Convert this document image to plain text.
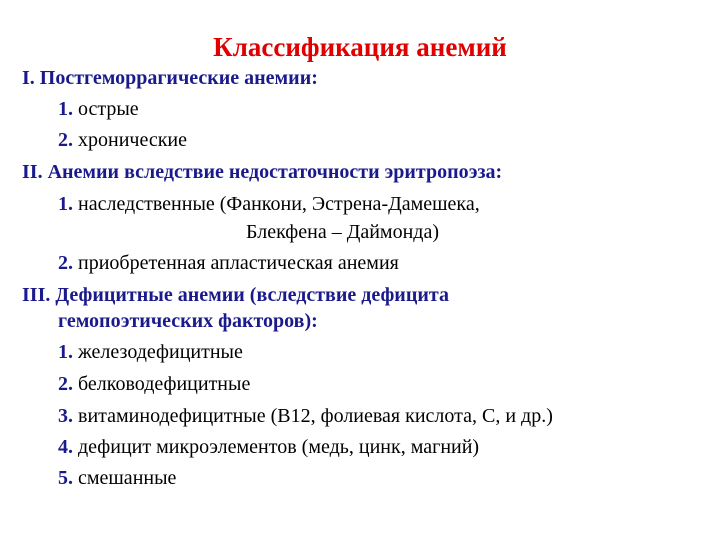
Классификация анемий
I. Постгеморрагические анемии:
1. острые
2. хронические
II. Анемии вследствие недостаточности эритропоэза:
1. наследственные (Фанкони, Эстрена-Дамешека,
Блекфена – Даймонда)
2. приобретенная апластическая анемия
III. Дефицитные анемии (вследствие дефицита
гемопоэтических факторов):
1. железодефицитные
2. белководефицитные
3. витаминодефицитные (В12, фолиевая кислота, С, и др.)
4. дефицит микроэлементов (медь, цинк, магний)
5. смешанные
